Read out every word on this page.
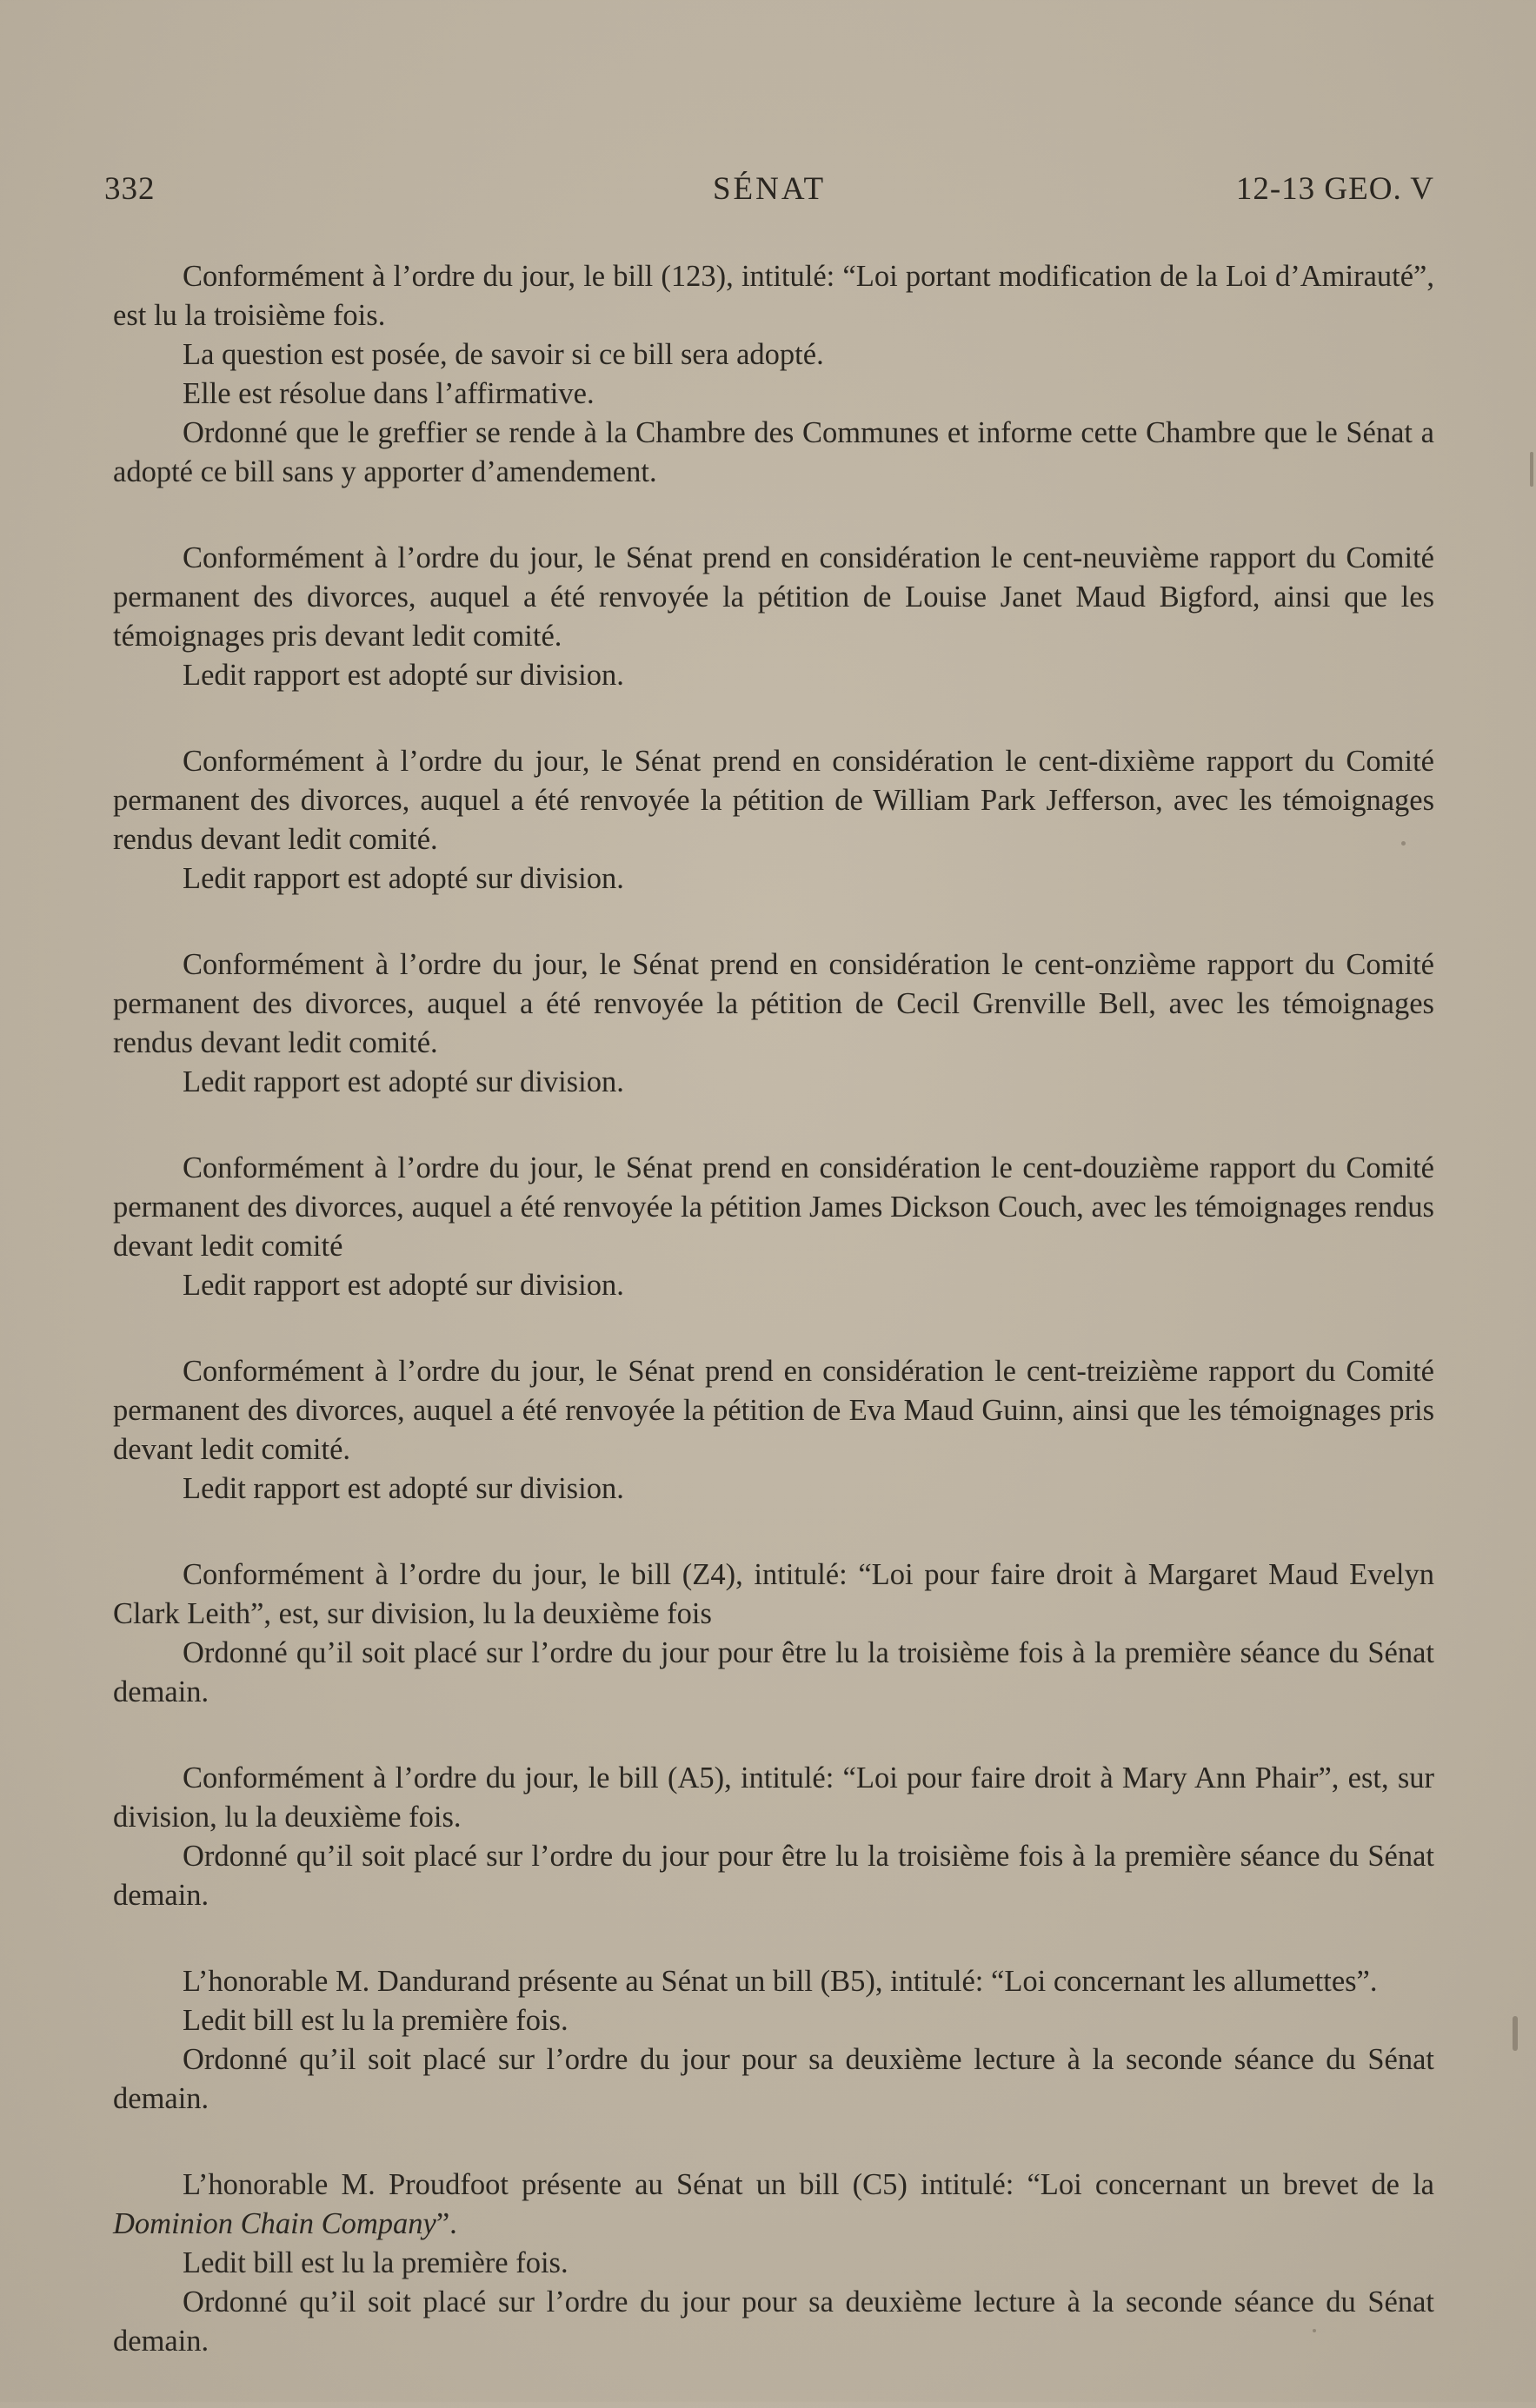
332	SÉNAT	12-13 GEO. V

Conformément à l’ordre du jour, le bill (123), intitulé: “Loi portant modification de la Loi d’Amirauté”, est lu la troisième fois.

La question est posée, de savoir si ce bill sera adopté.

Elle est résolue dans l’affirmative.

Ordonné que le greffier se rende à la Chambre des Communes et informe cette Chambre que le Sénat a adopté ce bill sans y apporter d’amendement.

Conformément à l’ordre du jour, le Sénat prend en considération le cent-neuvième rapport du Comité permanent des divorces, auquel a été renvoyée la pétition de Louise Janet Maud Bigford, ainsi que les témoignages pris devant ledit comité.

Ledit rapport est adopté sur division.

Conformément à l’ordre du jour, le Sénat prend en considération le cent-dixième rapport du Comité permanent des divorces, auquel a été renvoyée la pétition de William Park Jefferson, avec les témoignages rendus devant ledit comité.

Ledit rapport est adopté sur division.

Conformément à l’ordre du jour, le Sénat prend en considération le cent-onzième rapport du Comité permanent des divorces, auquel a été renvoyée la pétition de Cecil Grenville Bell, avec les témoignages rendus devant ledit comité.

Ledit rapport est adopté sur division.

Conformément à l’ordre du jour, le Sénat prend en considération le cent-douzième rapport du Comité permanent des divorces, auquel a été renvoyée la pétition James Dickson Couch, avec les témoignages rendus devant ledit comité

Ledit rapport est adopté sur division.

Conformément à l’ordre du jour, le Sénat prend en considération le cent-treizième rapport du Comité permanent des divorces, auquel a été renvoyée la pétition de Eva Maud Guinn, ainsi que les témoignages pris devant ledit comité.

Ledit rapport est adopté sur division.

Conformément à l’ordre du jour, le bill (Z4), intitulé: “Loi pour faire droit à Margaret Maud Evelyn Clark Leith”, est, sur division, lu la deuxième fois

Ordonné qu’il soit placé sur l’ordre du jour pour être lu la troisième fois à la première séance du Sénat demain.

Conformément à l’ordre du jour, le bill (A5), intitulé: “Loi pour faire droit à Mary Ann Phair”, est, sur division, lu la deuxième fois.

Ordonné qu’il soit placé sur l’ordre du jour pour être lu la troisième fois à la première séance du Sénat demain.

L’honorable M. Dandurand présente au Sénat un bill (B5), intitulé: “Loi concernant les allumettes”.

Ledit bill est lu la première fois.

Ordonné qu’il soit placé sur l’ordre du jour pour sa deuxième lecture à la seconde séance du Sénat demain.

L’honorable M. Proudfoot présente au Sénat un bill (C5) intitulé: “Loi concernant un brevet de la Dominion Chain Company”.

Ledit bill est lu la première fois.

Ordonné qu’il soit placé sur l’ordre du jour pour sa deuxième lecture à la seconde séance du Sénat demain.
